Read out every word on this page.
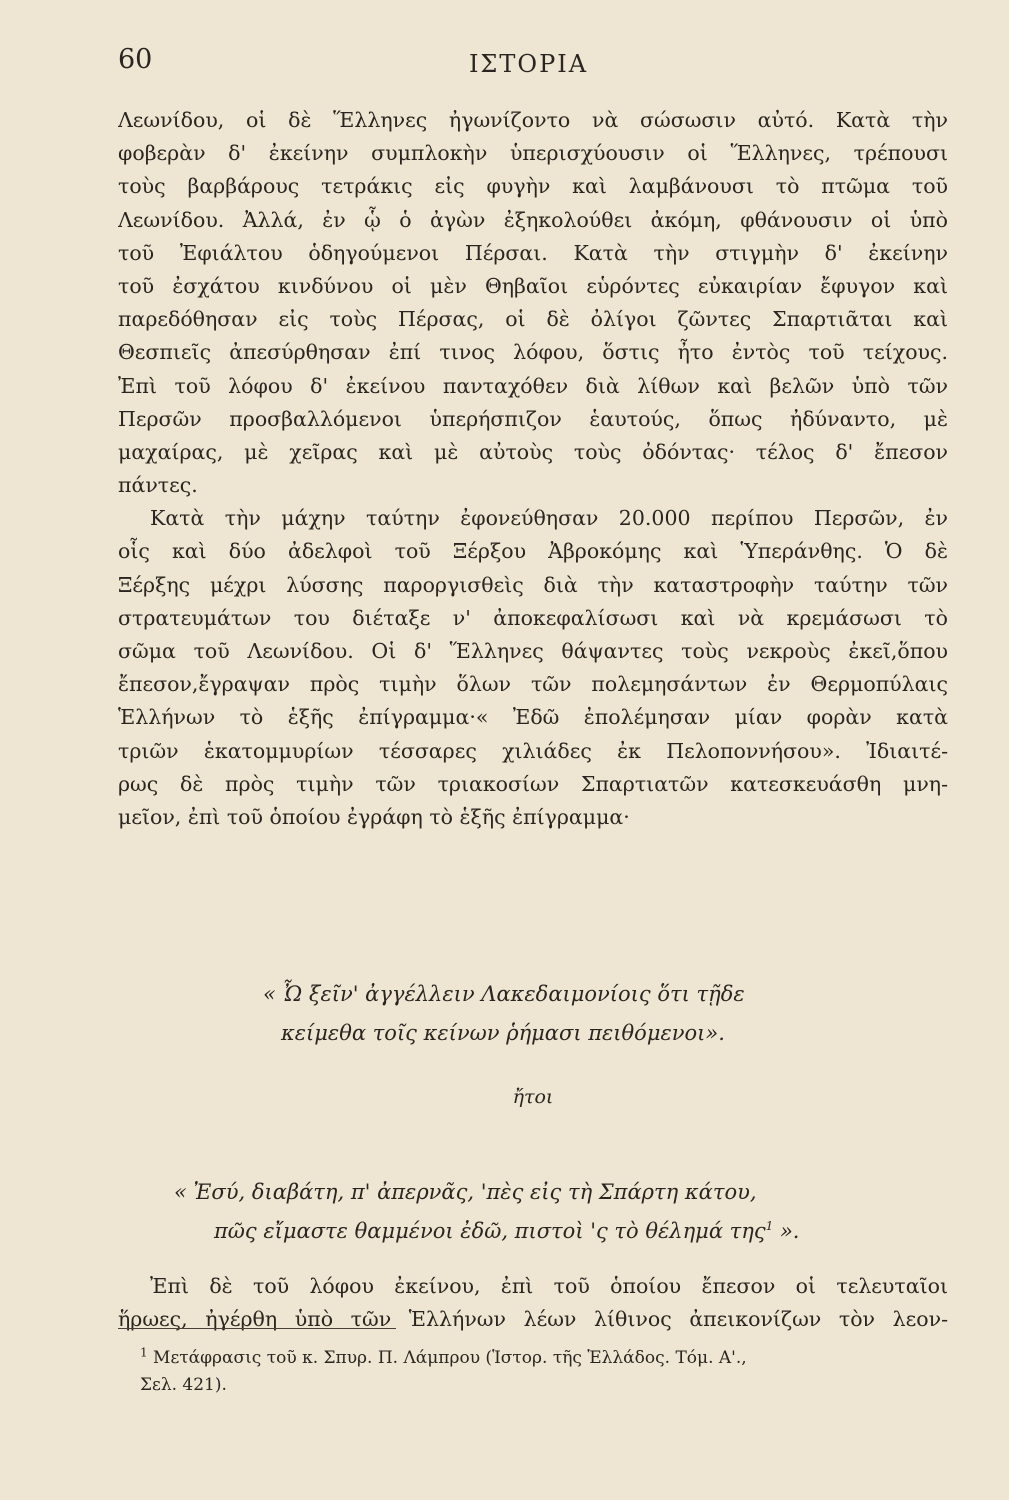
60	ΙΣΤΟΡΙΑ
Λεωνίδου, οἱ δὲ Ἕλληνες ἠγωνίζοντο νὰ σώσωσιν αὐτό. Κατὰ τὴν
φοβερὰν δ' ἐκείνην συμπλοκὴν ὑπερισχύουσιν οἱ Ἕλληνες, τρέπουσι
τοὺς βαρβάρους τετράκις εἰς φυγὴν καὶ λαμβάνουσι τὸ πτῶμα τοῦ
Λεωνίδου. Ἀλλά, ἐν ᾧ ὁ ἀγὼν ἐξηκολούθει ἀκόμη, φθάνουσιν οἱ ὑπὸ
τοῦ Ἐφιάλτου ὁδηγούμενοι Πέρσαι. Κατὰ τὴν στιγμὴν δ' ἐκείνην
τοῦ ἐσχάτου κινδύνου οἱ μὲν Θηβαῖοι εὑρόντες εὐκαιρίαν ἔφυγον καὶ
παρεδόθησαν εἰς τοὺς Πέρσας, οἱ δὲ ὀλίγοι ζῶντες Σπαρτιᾶται καὶ
Θεσπιεῖς ἀπεσύρθησαν ἐπί τινος λόφου, ὅστις ἦτο ἐντὸς τοῦ τείχους.
Ἐπὶ τοῦ λόφου δ' ἐκείνου πανταχόθεν διὰ λίθων καὶ βελῶν ὑπὸ τῶν
Περσῶν προσβαλλόμενοι ὑπερήσπιζον ἑαυτούς, ὅπως ἠδύναντο, μὲ
μαχαίρας, μὲ χεῖρας καὶ μὲ αὐτοὺς τοὺς ὀδόντας· τέλος δ' ἔπεσον
πάντες.
Κατὰ τὴν μάχην ταύτην ἐφονεύθησαν 20.000 περίπου Περσῶν, ἐν
οἷς καὶ δύο ἀδελφοὶ τοῦ Ξέρξου Ἀβροκόμης καὶ Ὑπεράνθης. Ὁ δὲ
Ξέρξης μέχρι λύσσης παροργισθεὶς διὰ τὴν καταστροφὴν ταύτην τῶν
στρατευμάτων του διέταξε ν' ἀποκεφαλίσωσι καὶ νὰ κρεμάσωσι τὸ
σῶμα τοῦ Λεωνίδου. Οἱ δ' Ἕλληνες θάψαντες τοὺς νεκροὺς ἐκεῖ,ὅπου
ἔπεσον,ἔγραψαν πρὸς τιμὴν ὅλων τῶν πολεμησάντων ἐν Θερμοπύλαις
Ἑλλήνων τὸ ἑξῆς ἐπίγραμμα·« Ἐδῶ ἐπολέμησαν μίαν φορὰν κατὰ
τριῶν ἑκατομμυρίων τέσσαρες χιλιάδες ἐκ Πελοποννήσου». Ἰδιαιτέ-
ρως δὲ πρὸς τιμὴν τῶν τριακοσίων Σπαρτιατῶν κατεσκευάσθη μνη-
μεῖον, ἐπὶ τοῦ ὁποίου ἐγράφη τὸ ἑξῆς ἐπίγραμμα·
« Ὦ ξεῖν' ἀγγέλλειν Λακεδαιμονίοις ὅτι τῇδε
κείμεθα τοῖς κείνων ῥήμασι πειθόμενοι».
ἤτοι
« Ἐσύ, διαβάτη, π' ἀπερνᾶς, 'πὲς εἰς τὴ Σπάρτη κάτου,
πῶς εἴμαστε θαμμένοι ἐδῶ, πιστοὶ 'ς τὸ θέλημά της$^1$ ».
Ἐπὶ δὲ τοῦ λόφου ἐκείνου, ἐπὶ τοῦ ὁποίου ἔπεσον οἱ τελευταῖοι
ἥρωες, ἠγέρθη ὑπὸ τῶν Ἑλλήνων λέων λίθινος ἀπεικονίζων τὸν λεον-
$^1$ Μετάφρασις τοῦ κ. Σπυρ. Π. Λάμπρου (Ἱστορ. τῆς Ἑλλάδος. Τόμ. Α'.,
Σελ. 421).
